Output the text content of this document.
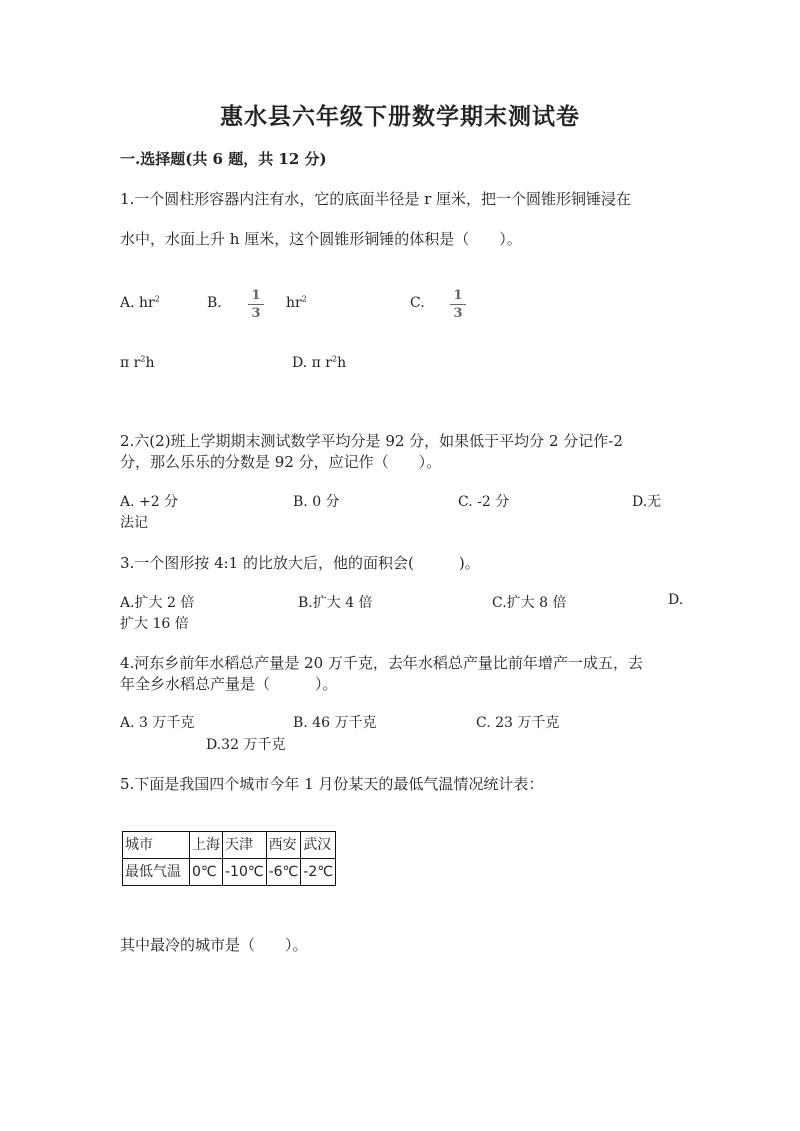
惠水县六年级下册数学期末测试卷
一.选择题(共 6 题，共 12 分)
1.一个圆柱形容器内注有水，它的底面半径是 r 厘米，把一个圆锥形铜锤浸在
水中，水面上升 h 厘米，这个圆锥形铜锤的体积是（　　）。
A. $hr^2$	B. 1
3
$hr^2$	C. 1
3
π $r^2h$	D. π $r^2h$
2.六(2)班上学期期末测试数学平均分是 92 分，如果低于平均分 2 分记作-2
分，那么乐乐的分数是 92 分，应记作（　　）。
A. +2 分	B. 0 分	C. -2 分	D.无
法记
3.一个图形按 4:1 的比放大后，他的面积会(　　　)。
A.扩大 2 倍	B.扩大 4 倍	C.扩大 8 倍	D.
扩大 16 倍
4.河东乡前年水稻总产量是 20 万千克，去年水稻总产量比前年增产一成五，去
年全乡水稻总产量是（　　　）。
A. 3 万千克	B. 46 万千克	C. 23 万千克
D.32 万千克
5.下面是我国四个城市今年 1 月份某天的最低气温情况统计表：
城市	上海	天津	西安	武汉
最低气温	0℃	-10℃	-6℃	-2℃
其中最冷的城市是（　　）。
